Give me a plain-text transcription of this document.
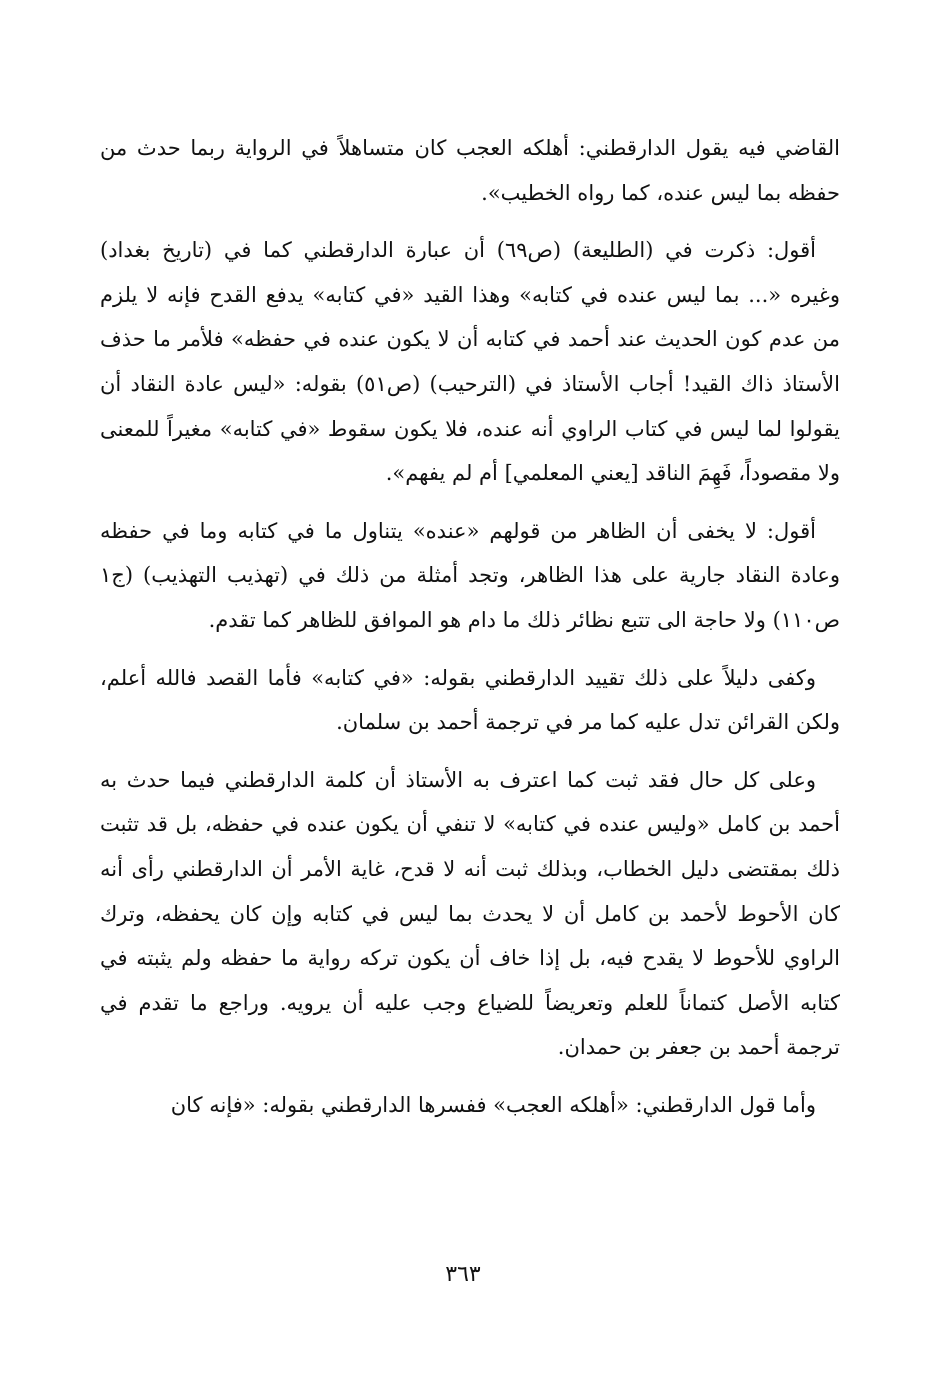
القاضي فيه يقول الدارقطني: أهلكه العجب كان متساهلاً في الرواية ربما حدث من حفظه بما ليس عنده، كما رواه الخطيب».

أقول: ذكرت في (الطليعة) (ص٦٩) أن عبارة الدارقطني كما في (تاريخ بغداد) وغيره «... بما ليس عنده في كتابه» وهذا القيد «في كتابه» يدفع القدح فإنه لا يلزم من عدم كون الحديث عند أحمد في كتابه أن لا يكون عنده في حفظه» فلأمر ما حذف الأستاذ ذاك القيد! أجاب الأستاذ في (الترحيب) (ص٥١) بقوله: «ليس عادة النقاد أن يقولوا لما ليس في كتاب الراوي أنه عنده، فلا يكون سقوط «في كتابه» مغيراً للمعنى ولا مقصوداً، فَهِمَ الناقد [يعني المعلمي] أم لم يفهم».

أقول: لا يخفى أن الظاهر من قولهم «عنده» يتناول ما في كتابه وما في حفظه وعادة النقاد جارية على هذا الظاهر، وتجد أمثلة من ذلك في (تهذيب التهذيب) (ج١ ص١١٠) ولا حاجة الى تتبع نظائر ذلك ما دام هو الموافق للظاهر كما تقدم.

وكفى دليلاً على ذلك تقييد الدارقطني بقوله: «في كتابه» فأما القصد فالله أعلم، ولكن القرائن تدل عليه كما مر في ترجمة أحمد بن سلمان.

وعلى كل حال فقد ثبت كما اعترف به الأستاذ أن كلمة الدارقطني فيما حدث به أحمد بن كامل «وليس عنده في كتابه» لا تنفي أن يكون عنده في حفظه، بل قد تثبت ذلك بمقتضى دليل الخطاب، وبذلك ثبت أنه لا قدح، غاية الأمر أن الدارقطني رأى أنه كان الأحوط لأحمد بن كامل أن لا يحدث بما ليس في كتابه وإن كان يحفظه، وترك الراوي للأحوط لا يقدح فيه، بل إذا خاف أن يكون تركه رواية ما حفظه ولم يثبته في كتابه الأصل كتماناً للعلم وتعريضاً للضياع وجب عليه أن يرويه. وراجع ما تقدم في ترجمة أحمد بن جعفر بن حمدان.

وأما قول الدارقطني: «أهلكه العجب» ففسرها الدارقطني بقوله: «فإنه كان

٣٦٣
